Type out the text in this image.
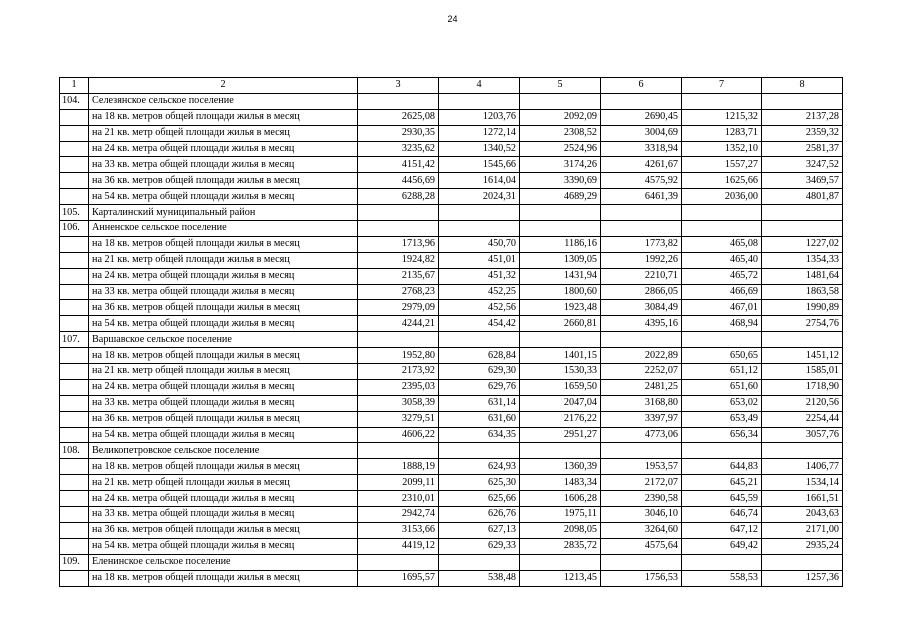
24
1	2	3	4	5	6	7	8
104.	Селезянское сельское поселение						
	на 18 кв. метров общей площади жилья в месяц	2625,08	1203,76	2092,09	2690,45	1215,32	2137,28
	на 21 кв. метр общей площади жилья в месяц	2930,35	1272,14	2308,52	3004,69	1283,71	2359,32
	на 24 кв. метра общей площади жилья в месяц	3235,62	1340,52	2524,96	3318,94	1352,10	2581,37
	на 33 кв. метра общей площади жилья в месяц	4151,42	1545,66	3174,26	4261,67	1557,27	3247,52
	на 36 кв. метров общей площади жилья в месяц	4456,69	1614,04	3390,69	4575,92	1625,66	3469,57
	на 54 кв. метра общей площади жилья в месяц	6288,28	2024,31	4689,29	6461,39	2036,00	4801,87
105.	Карталинский муниципальный район						
106.	Анненское сельское поселение						
	на 18 кв. метров общей площади жилья в месяц	1713,96	450,70	1186,16	1773,82	465,08	1227,02
	на 21 кв. метр общей площади жилья в месяц	1924,82	451,01	1309,05	1992,26	465,40	1354,33
	на 24 кв. метра общей площади жилья в месяц	2135,67	451,32	1431,94	2210,71	465,72	1481,64
	на 33 кв. метра общей площади жилья в месяц	2768,23	452,25	1800,60	2866,05	466,69	1863,58
	на 36 кв. метров общей площади жилья в месяц	2979,09	452,56	1923,48	3084,49	467,01	1990,89
	на 54 кв. метра общей площади жилья в месяц	4244,21	454,42	2660,81	4395,16	468,94	2754,76
107.	Варшавское сельское поселение						
	на 18 кв. метров общей площади жилья в месяц	1952,80	628,84	1401,15	2022,89	650,65	1451,12
	на 21 кв. метр общей площади жилья в месяц	2173,92	629,30	1530,33	2252,07	651,12	1585,01
	на 24 кв. метра общей площади жилья в месяц	2395,03	629,76	1659,50	2481,25	651,60	1718,90
	на 33 кв. метра общей площади жилья в месяц	3058,39	631,14	2047,04	3168,80	653,02	2120,56
	на 36 кв. метров общей площади жилья в месяц	3279,51	631,60	2176,22	3397,97	653,49	2254,44
	на 54 кв. метра общей площади жилья в месяц	4606,22	634,35	2951,27	4773,06	656,34	3057,76
108.	Великопетровское сельское поселение						
	на 18 кв. метров общей площади жилья в месяц	1888,19	624,93	1360,39	1953,57	644,83	1406,77
	на 21 кв. метр общей площади жилья в месяц	2099,11	625,30	1483,34	2172,07	645,21	1534,14
	на 24 кв. метра общей площади жилья в месяц	2310,01	625,66	1606,28	2390,58	645,59	1661,51
	на 33 кв. метра общей площади жилья в месяц	2942,74	626,76	1975,11	3046,10	646,74	2043,63
	на 36 кв. метров общей площади жилья в месяц	3153,66	627,13	2098,05	3264,60	647,12	2171,00
	на 54 кв. метра общей площади жилья в месяц	4419,12	629,33	2835,72	4575,64	649,42	2935,24
109.	Еленинское сельское поселение						
	на 18 кв. метров общей площади жилья в месяц	1695,57	538,48	1213,45	1756,53	558,53	1257,36
